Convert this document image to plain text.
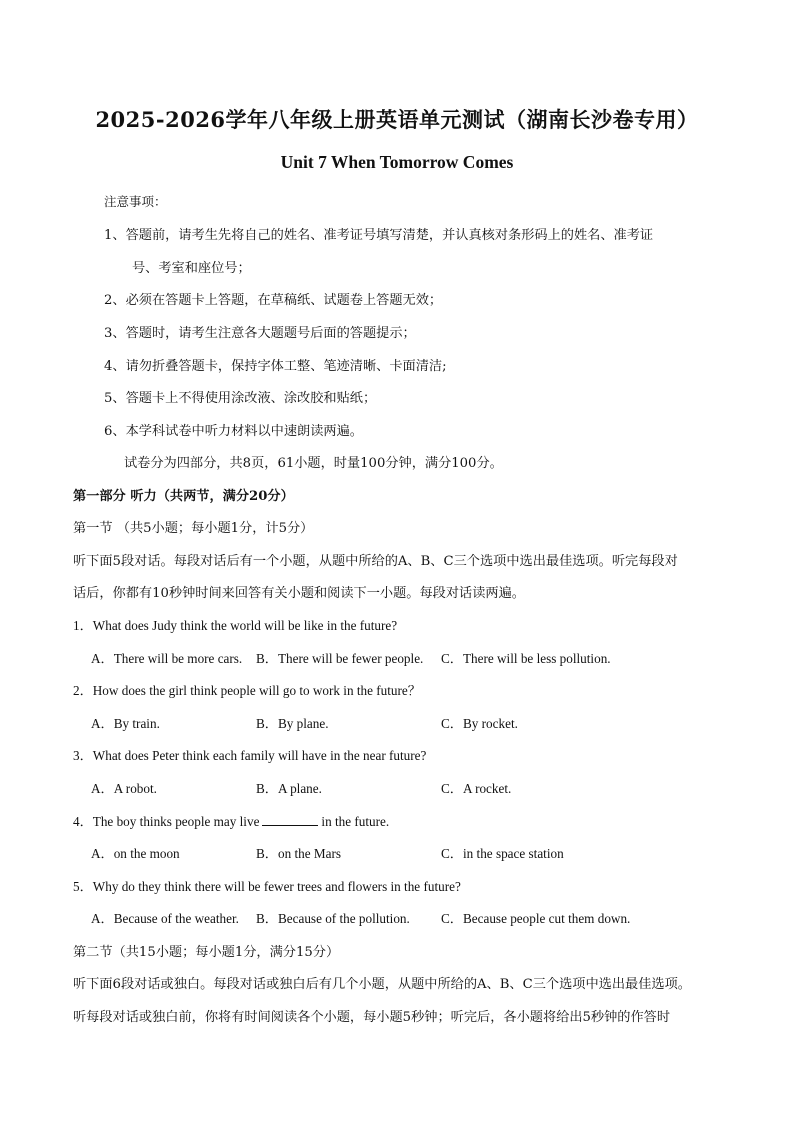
2025-2026学年八年级上册英语单元测试（湖南长沙卷专用）
Unit 7 When Tomorrow Comes
注意事项：
1、答题前，请考生先将自己的姓名、准考证号填写清楚，并认真核对条形码上的姓名、准考证
号、考室和座位号；
2、必须在答题卡上答题，在草稿纸、试题卷上答题无效；
3、答题时，请考生注意各大题题号后面的答题提示；
4、请勿折叠答题卡，保持字体工整、笔迹清晰、卡面清洁;
5、答题卡上不得使用涂改液、涂改胶和贴纸；
6、本学科试卷中听力材料以中速朗读两遍。
试卷分为四部分，共8页，61小题，时量100分钟，满分100分。
第一部分 听力（共两节，满分20分）
第一节 （共5小题；每小题1分，计5分）
听下面5段对话。每段对话后有一个小题，从题中所给的A、B、C三个选项中选出最佳选项。听完每段对
话后，你都有10秒钟时间来回答有关小题和阅读下一小题。每段对话读两遍。
1．What does Judy think the world will be like in the future?
A．There will be more cars. B．There will be fewer people. C．There will be less pollution.
2．How does the girl think people will go to work in the future？
A．By train.	B．By plane.	C．By rocket.
3．What does Peter think each family will have in the near future?
A．A robot.	B．A plane.	C．A rocket.
4．The boy thinks people may live	in the future.
A．on the moon	B．on the Mars	C．in the space station
5．Why do they think there will be fewer trees and flowers in the future?
A．Because of the weather. B．Because of the pollution. C．Because people cut them down.
第二节（共15小题；每小题1分，满分15分）
听下面6段对话或独白。每段对话或独白后有几个小题，从题中所给的A、B、C三个选项中选出最佳选项。
听每段对话或独白前，你将有时间阅读各个小题，每小题5秒钟；听完后，各小题将给出5秒钟的作答时
